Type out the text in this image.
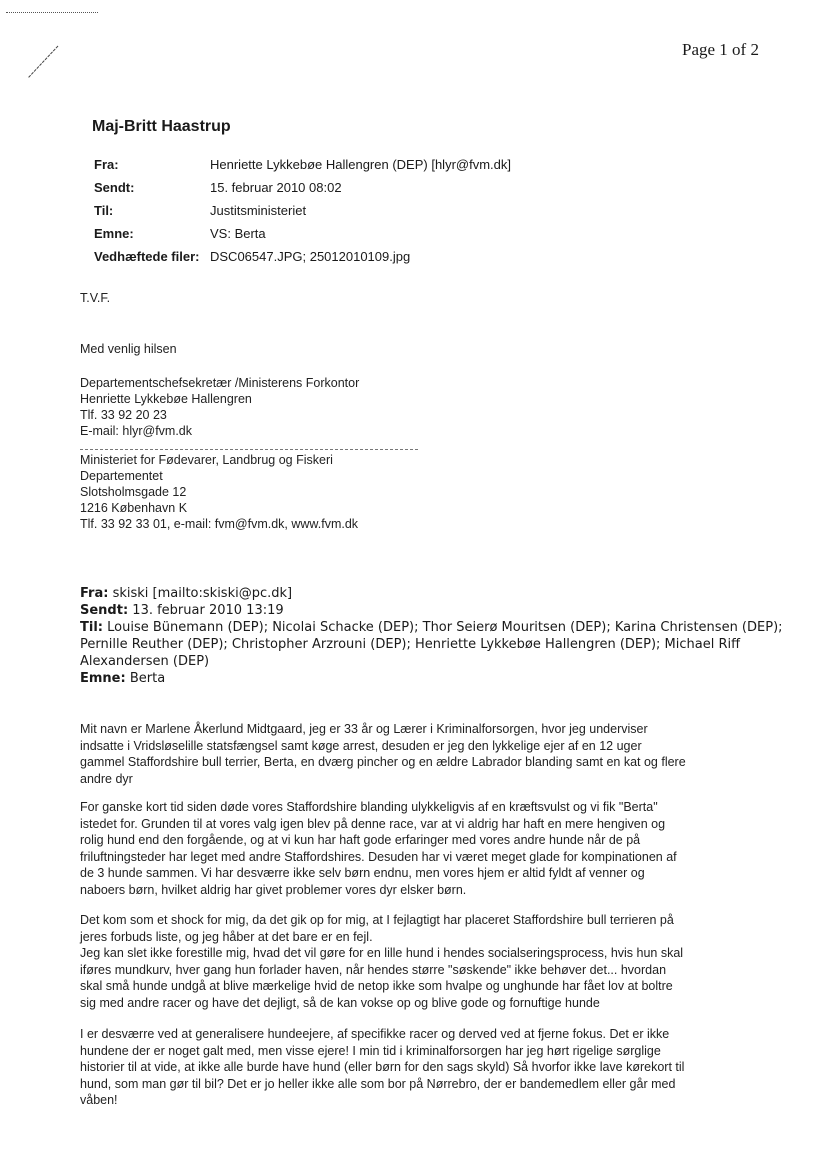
Page 1 of 2
Maj-Britt Haastrup
Fra:	Henriette Lykkebøe Hallengren (DEP) [hlyr@fvm.dk]
Sendt:	15. februar 2010 08:02
Til:	Justitsministeriet
Emne:	VS: Berta
Vedhæftede filer: DSC06547.JPG; 25012010109.jpg
T.V.F.
Med venlig hilsen
Departementschefsekretær /Ministerens Forkontor
Henriette Lykkebøe Hallengren
Tlf. 33 92 20 23
E-mail: hlyr@fvm.dk
Ministeriet for Fødevarer, Landbrug og Fiskeri
Departementet
Slotsholmsgade 12
1216 København K
Tlf. 33 92 33 01, e-mail: fvm@fvm.dk, www.fvm.dk
Fra: skiski [mailto:skiski@pc.dk]
Sendt: 13. februar 2010 13:19
Til: Louise Bünemann (DEP); Nicolai Schacke (DEP); Thor Seierø Mouritsen (DEP); Karina Christensen (DEP);
Pernille Reuther (DEP); Christopher Arzrouni (DEP); Henriette Lykkebøe Hallengren (DEP); Michael Riff
Alexandersen (DEP)
Emne: Berta
Mit navn er Marlene Åkerlund Midtgaard, jeg er 33 år og Lærer i Kriminalforsorgen, hvor jeg underviser
indsatte i Vridsløselille statsfængsel samt køge arrest, desuden er jeg den lykkelige ejer af en 12 uger
gammel Staffordshire bull terrier, Berta, en dværg pincher og en ældre Labrador blanding samt en kat og flere
andre dyr
For ganske kort tid siden døde vores Staffordshire blanding ulykkeligvis af en kræftsvulst og vi fik "Berta"
istedet for. Grunden til at vores valg igen blev på denne race, var at vi aldrig har haft en mere hengiven og
rolig hund end den forgående, og at vi kun har haft gode erfaringer med vores andre hunde når de på
friluftningsteder har leget med andre Staffordshires. Desuden har vi været meget glade for kompinationen af
de 3 hunde sammen. Vi har desværre ikke selv børn endnu, men vores hjem er altid fyldt af venner og
naboers børn, hvilket aldrig har givet problemer vores dyr elsker børn.
Det kom som et shock for mig, da det gik op for mig, at I fejlagtigt har placeret Staffordshire bull terrieren på
jeres forbuds liste, og jeg håber at det bare er en fejl.
Jeg kan slet ikke forestille mig, hvad det vil gøre for en lille hund i hendes socialseringsprocess, hvis hun skal
iføres mundkurv, hver gang hun forlader haven, når hendes større "søskende" ikke behøver det... hvordan
skal små hunde undgå at blive mærkelige hvid de netop ikke som hvalpe og unghunde har fået lov at boltre
sig med andre racer og have det dejligt, så de kan vokse op og blive gode og fornuftige hunde
I er desværre ved at generalisere hundeejere, af specifikke racer og derved ved at fjerne fokus. Det er ikke
hundene der er noget galt med, men visse ejere! I min tid i kriminalforsorgen har jeg hørt rigelige sørglige
historier til at vide, at ikke alle burde have hund (eller børn for den sags skyld) Så hvorfor ikke lave kørekort til
hund, som man gør til bil? Det er jo heller ikke alle som bor på Nørrebro, der er bandemedlem eller går med
våben!
